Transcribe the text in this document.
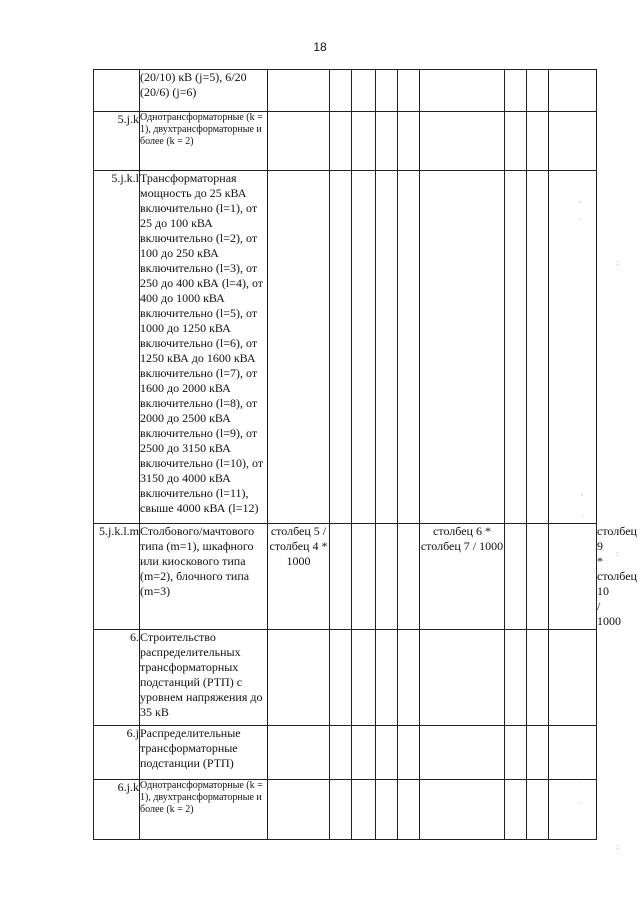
18
	(20/10) кВ (j=5), 6/20 (20/6) (j=6)										
5.j.k	Однотрансформаторные (k = 1), двухтрансформаторные и более (k = 2)										
5.j.k.l	Трансформаторная мощность до 25 кВА включительно (l=1), от 25 до 100 кВА включительно (l=2), от 100 до 250 кВА включительно (l=3), от 250 до 400 кВА (l=4), от 400 до 1000 кВА включительно (l=5), от 1000 до 1250 кВА включительно (l=6), от 1250 кВА до 1600 кВА включительно (l=7), от 1600 до 2000 кВА включительно (l=8), от 2000 до 2500 кВА включительно (l=9), от 2500 до 3150 кВА включительно (l=10), от 3150 до 4000 кВА включительно (l=11), свыше 4000 кВА (l=12)										
5.j.k.l.m	Столбового/мачтового типа (m=1), шкафного или киоскового типа (m=2), блочного типа (m=3)	столбец 5 / столбец 4 * 1000					столбец 6 * столбец 7 / 1000				столбец 9 * столбец 10 / 1000
6.	Строительство распределительных трансформаторных подстанций (РТП) с уровнем напряжения до 35 кВ										
6.j	Распределительные трансформаторные подстанции (РТП)										
6.j.k	Однотрансформаторные (k = 1), двухтрансформаторные и более (k = 2)										
,
·
:
,
.
:
·
·
:
